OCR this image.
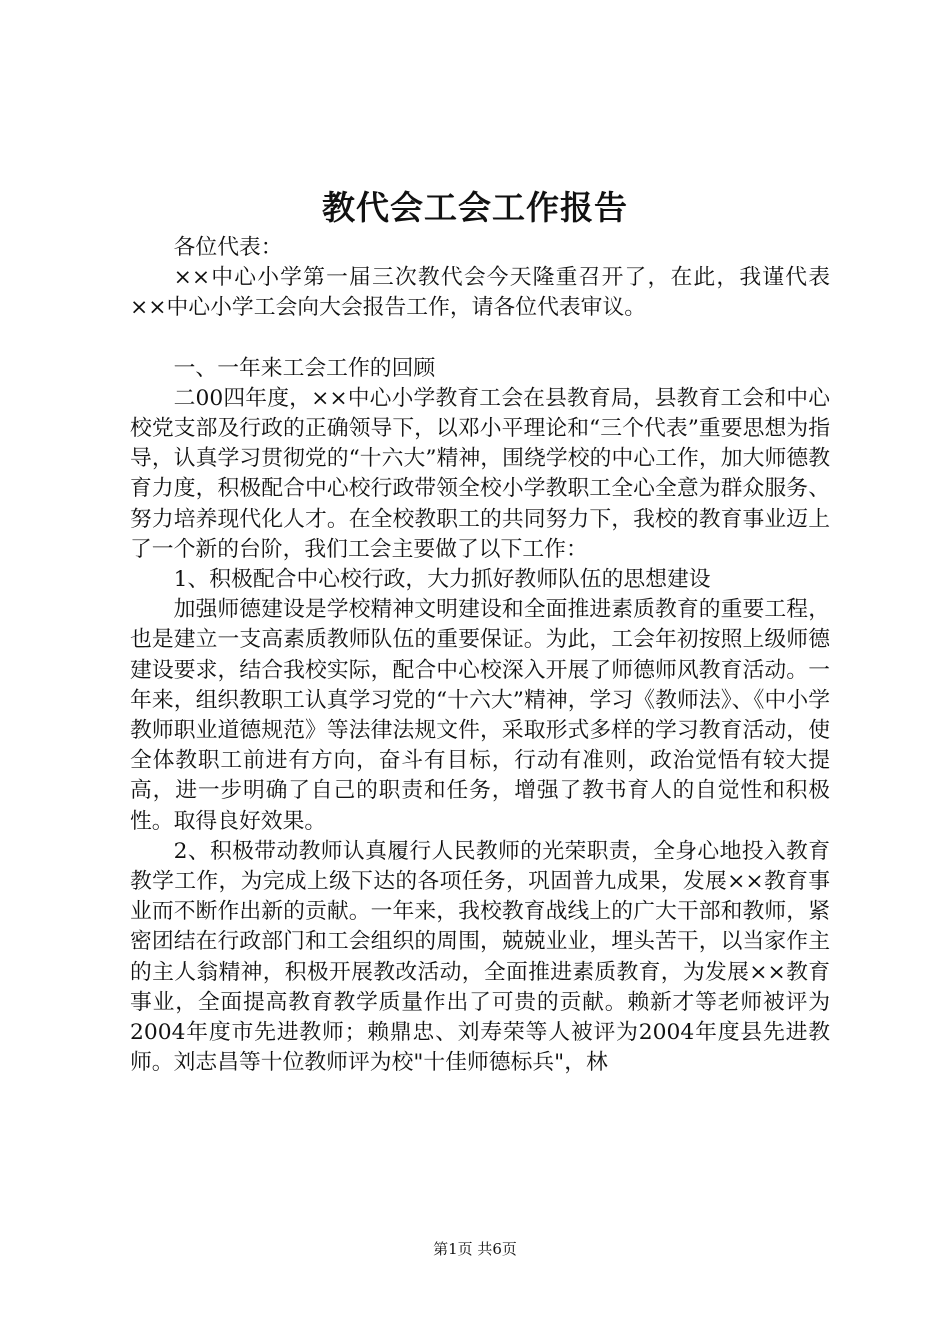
教代会工会工作报告

各位代表：

××中心小学第一届三次教代会今天隆重召开了，在此，我谨代表××中心小学工会向大会报告工作，请各位代表审议。

一、一年来工会工作的回顾

二00四年度，××中心小学教育工会在县教育局，县教育工会和中心校党支部及行政的正确领导下，以邓小平理论和“三个代表”重要思想为指导，认真学习贯彻党的“十六大”精神，围绕学校的中心工作，加大师德教育力度，积极配合中心校行政带领全校小学教职工全心全意为群众服务、努力培养现代化人才。在全校教职工的共同努力下，我校的教育事业迈上了一个新的台阶，我们工会主要做了以下工作：

1、积极配合中心校行政，大力抓好教师队伍的思想建设

加强师德建设是学校精神文明建设和全面推进素质教育的重要工程，也是建立一支高素质教师队伍的重要保证。为此，工会年初按照上级师德建设要求，结合我校实际，配合中心校深入开展了师德师风教育活动。一年来，组织教职工认真学习党的“十六大”精神，学习《教师法》、《中小学教师职业道德规范》等法律法规文件，采取形式多样的学习教育活动，使全体教职工前进有方向，奋斗有目标，行动有准则，政治觉悟有较大提高，进一步明确了自己的职责和任务，增强了教书育人的自觉性和积极性。取得良好效果。

2、积极带动教师认真履行人民教师的光荣职责，全身心地投入教育教学工作，为完成上级下达的各项任务，巩固普九成果，发展××教育事业而不断作出新的贡献。一年来，我校教育战线上的广大干部和教师，紧密团结在行政部门和工会组织的周围，兢兢业业，埋头苦干，以当家作主的主人翁精神，积极开展教改活动，全面推进素质教育，为发展××教育事业，全面提高教育教学质量作出了可贵的贡献。赖新才等老师被评为2004年度市先进教师；赖鼎忠、刘寿荣等人被评为2004年度县先进教师。刘志昌等十位教师评为校"十佳师德标兵"，林

第1页 共6页
